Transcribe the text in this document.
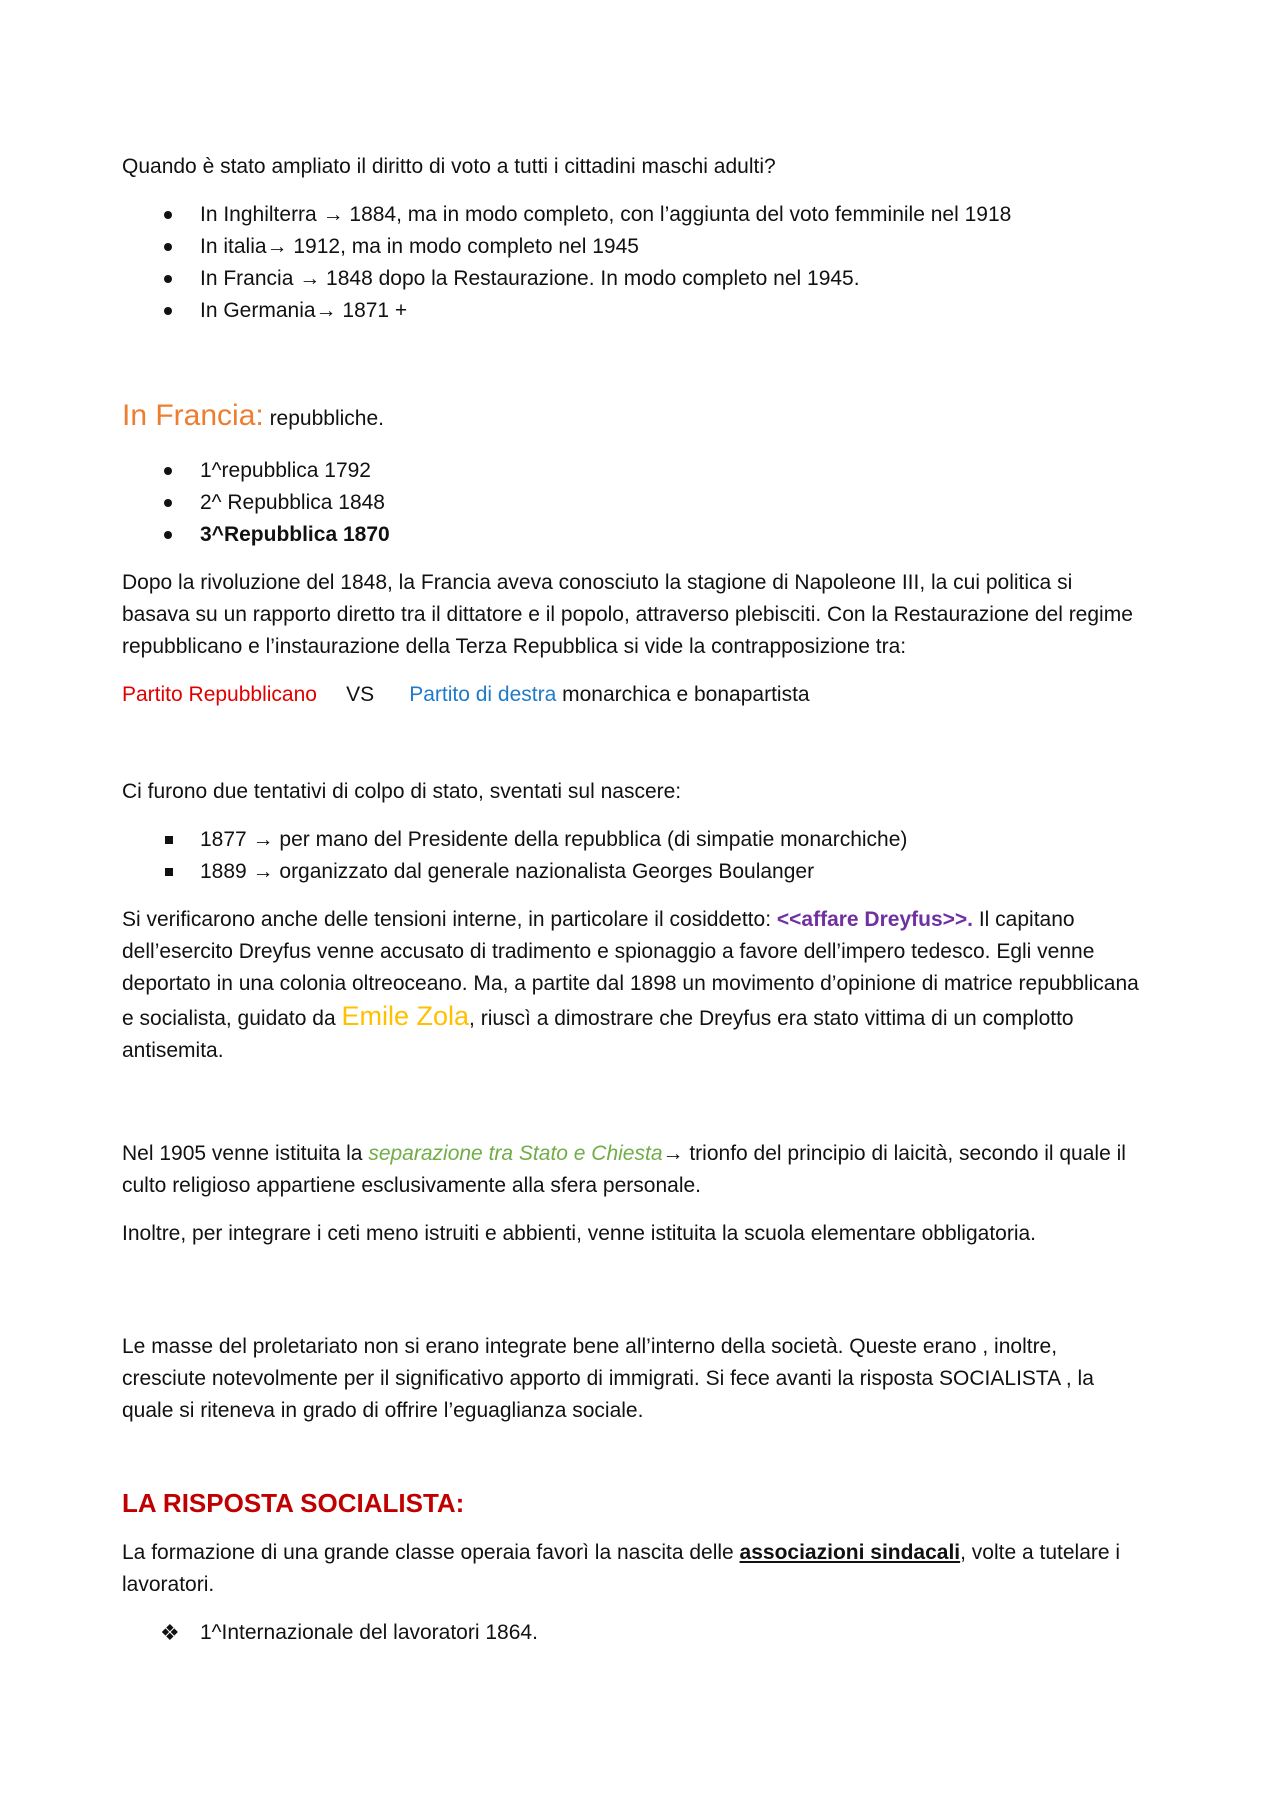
Quando è stato ampliato il diritto di voto a tutti i cittadini maschi adulti?
In Inghilterra → 1884, ma in modo completo, con l’aggiunta del voto femminile nel 1918
In italia→ 1912, ma in modo completo nel 1945
In Francia → 1848 dopo la Restaurazione. In modo completo nel 1945.
In Germania→ 1871 +
In Francia: repubbliche.
1^repubblica 1792
2^ Repubblica 1848
3^Repubblica 1870
Dopo la rivoluzione del 1848, la Francia aveva conosciuto la stagione di Napoleone III, la cui politica si basava su un rapporto diretto tra il dittatore e il popolo, attraverso plebisciti. Con la Restaurazione del regime repubblicano e l’instaurazione della Terza Repubblica si vide la contrapposizione tra:
Partito Repubblicano VS Partito di destra monarchica e bonapartista
Ci furono due tentativi di colpo di stato, sventati sul nascere:
1877 → per mano del Presidente della repubblica (di simpatie monarchiche)
1889 → organizzato dal generale nazionalista Georges Boulanger
Si verificarono anche delle tensioni interne, in particolare il cosiddetto: <<affare Dreyfus>>. Il capitano dell’esercito Dreyfus venne accusato di tradimento e spionaggio a favore dell’impero tedesco. Egli venne deportato in una colonia oltreoceano. Ma, a partite dal 1898 un movimento d’opinione di matrice repubblicana e socialista, guidato da Emile Zola, riuscì a dimostrare che Dreyfus era stato vittima di un complotto antisemita.
Nel 1905 venne istituita la separazione tra Stato e Chiesta→ trionfo del principio di laicità, secondo il quale il culto religioso appartiene esclusivamente alla sfera personale.
Inoltre, per integrare i ceti meno istruiti e abbienti, venne istituita la scuola elementare obbligatoria.
Le masse del proletariato non si erano integrate bene all’interno della società. Queste erano , inoltre, cresciute notevolmente per il significativo apporto di immigrati. Si fece avanti la risposta SOCIALISTA , la quale si riteneva in grado di offrire l’eguaglianza sociale.
LA RISPOSTA SOCIALISTA:
La formazione di una grande classe operaia favorì la nascita delle associazioni sindacali, volte a tutelare i lavoratori.
❖ 1^Internazionale del lavoratori 1864.
